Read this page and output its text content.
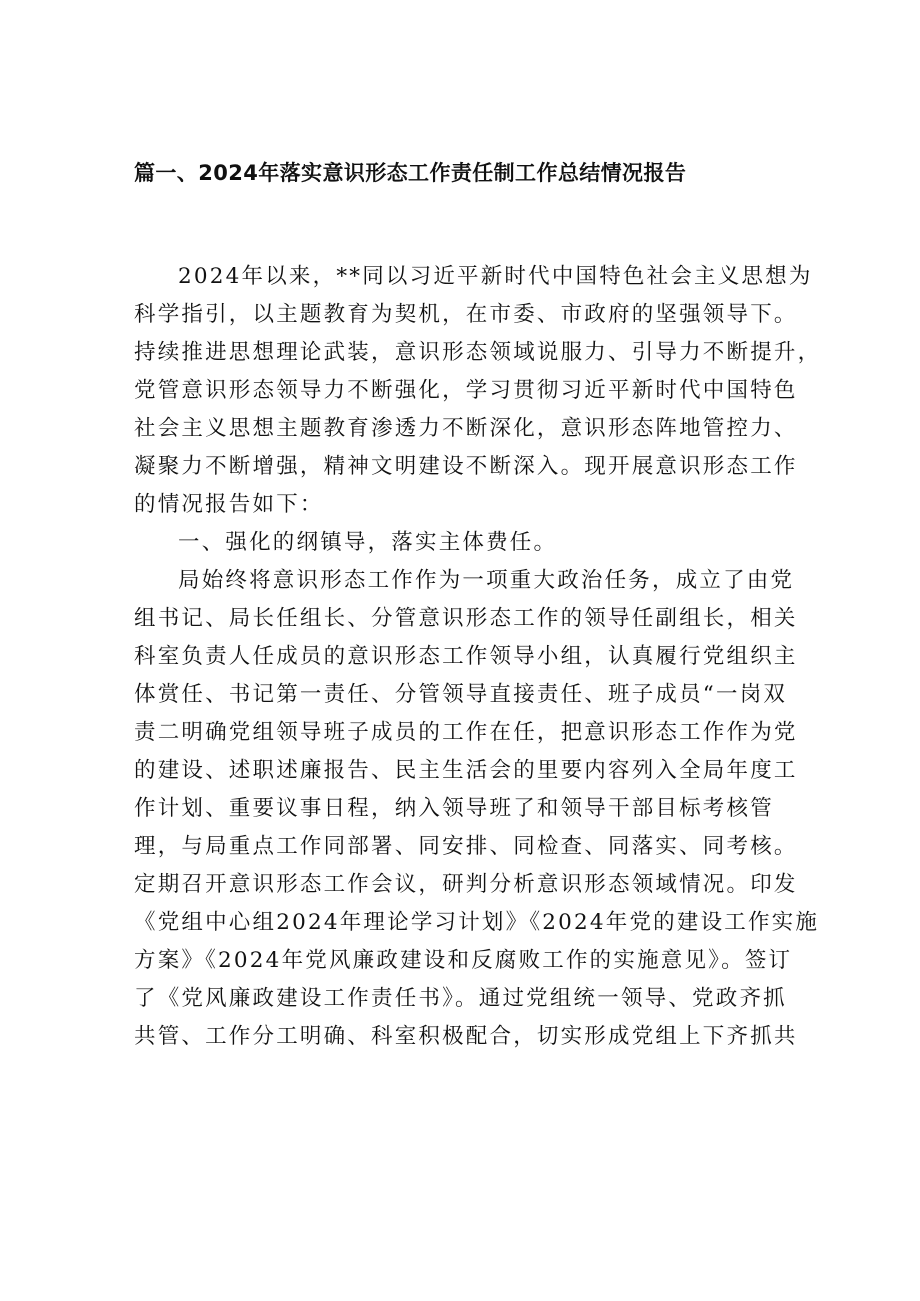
篇一、2024年落实意识形态工作责任制工作总结情况报告

2024年以来，**同以习近平新时代中国特色社会主义思想为

科学指引，以主题教育为契机，在市委、市政府的坚强领导下。

持续推进思想理论武装，意识形态领域说服力、引导力不断提升，

党管意识形态领导力不断强化，学习贯彻习近平新时代中国特色

社会主义思想主题教育渗透力不断深化，意识形态阵地管控力、

凝聚力不断增强，精神文明建设不断深入。现开展意识形态工作

的情况报告如下：

一、强化的纲镇导，落实主体费任。

局始终将意识形态工作作为一项重大政治任务，成立了由党

组书记、局长任组长、分管意识形态工作的领导任副组长，相关

科室负责人任成员的意识形态工作领导小组，认真履行党组织主

体赏任、书记第一责任、分管领导直接责任、班子成员“一岗双

责二明确党组领导班子成员的工作在任，把意识形态工作作为党

的建设、述职述廉报告、民主生活会的里要内容列入全局年度工

作计划、重要议事日程，纳入领导班了和领导干部目标考核管

理，与局重点工作同部署、同安排、同检查、同落实、同考核。

定期召开意识形态工作会议，研判分析意识形态领域情况。印发

《党组中心组2024年理论学习计划》《2024年党的建设工作实施

方案》《2024年党风廉政建设和反腐败工作的实施意见》。签订

了《党风廉政建设工作责任书》。通过党组统一领导、党政齐抓

共管、工作分工明确、科室积极配合，切实形成党组上下齐抓共
